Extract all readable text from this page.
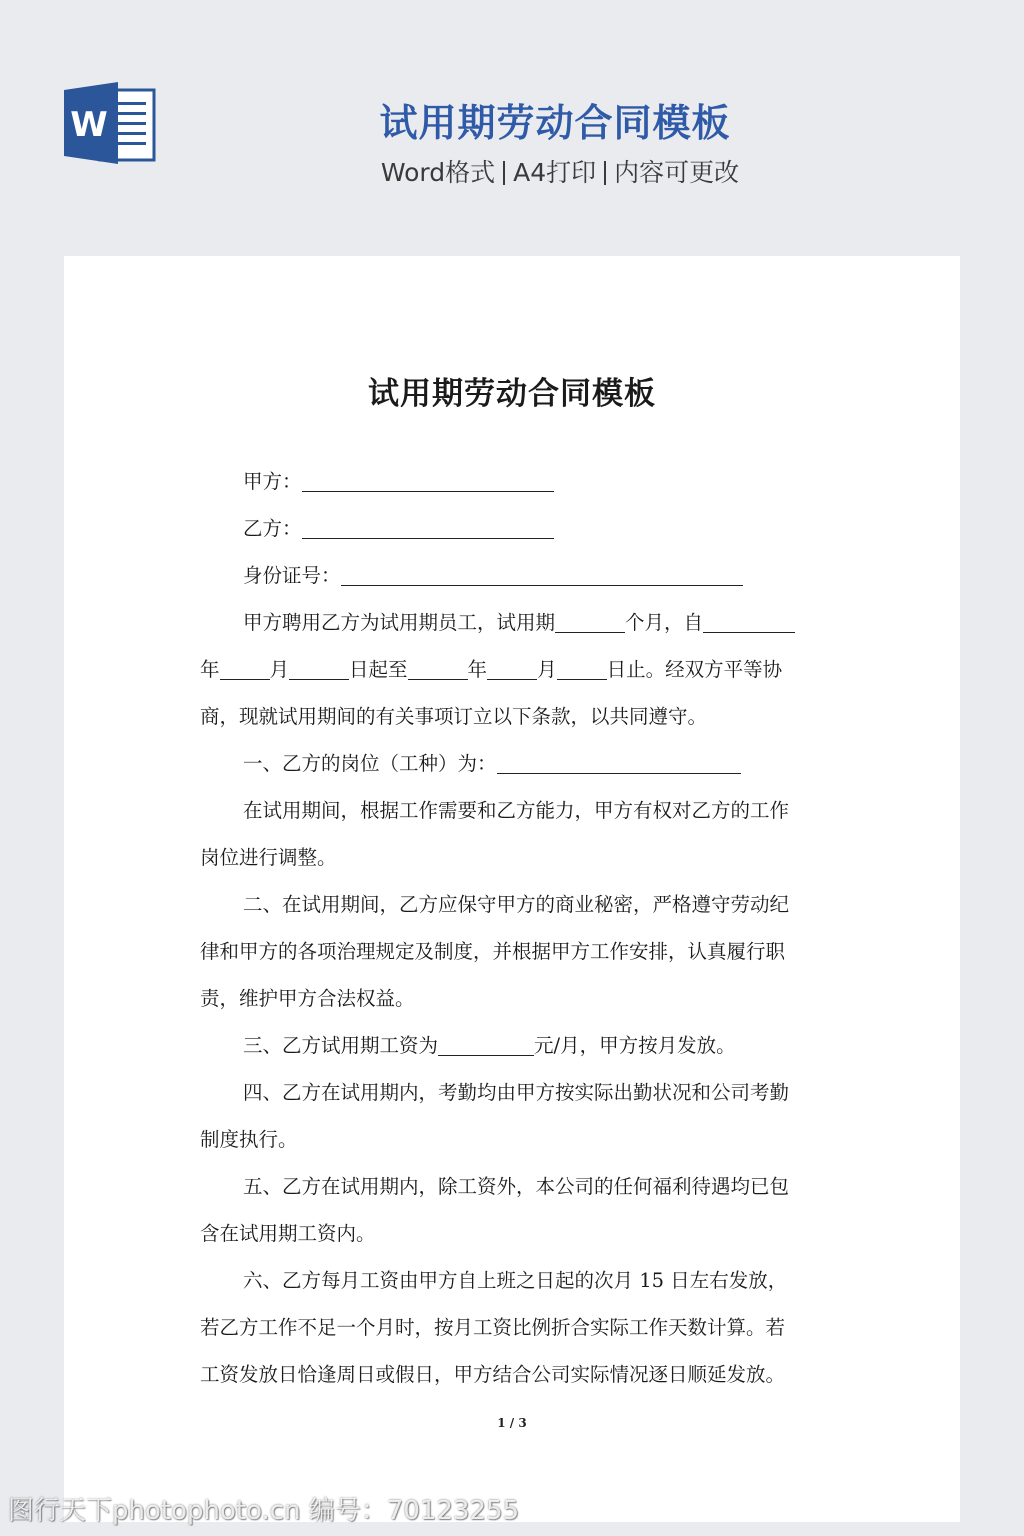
W	试用期劳动合同模板

Word格式 A4打印 内容可更改

试用期劳动合同模板
甲方：
乙方：
身份证号：
甲方聘用乙方为试用期员工，试用期	个月，自
年	月	日起至	年	月	日止。经双方平等协
商，现就试用期间的有关事项订立以下条款，以共同遵守。
一、乙方的岗位（工种）为：
在试用期间，根据工作需要和乙方能力，甲方有权对乙方的工作
岗位进行调整。
二、在试用期间，乙方应保守甲方的商业秘密，严格遵守劳动纪
律和甲方的各项治理规定及制度，并根据甲方工作安排，认真履行职
责，维护甲方合法权益。
三、乙方试用期工资为	元/月，甲方按月发放。
四、乙方在试用期内，考勤均由甲方按实际出勤状况和公司考勤
制度执行。
五、乙方在试用期内，除工资外，本公司的任何福利待遇均已包
含在试用期工资内。
六、乙方每月工资由甲方自上班之日起的次月 15 日左右发放，
若乙方工作不足一个月时，按月工资比例折合实际工作天数计算。若
工资发放日恰逢周日或假日，甲方结合公司实际情况逐日顺延发放。
1 / 3
图行天下photophoto.cn 编号：70123255
